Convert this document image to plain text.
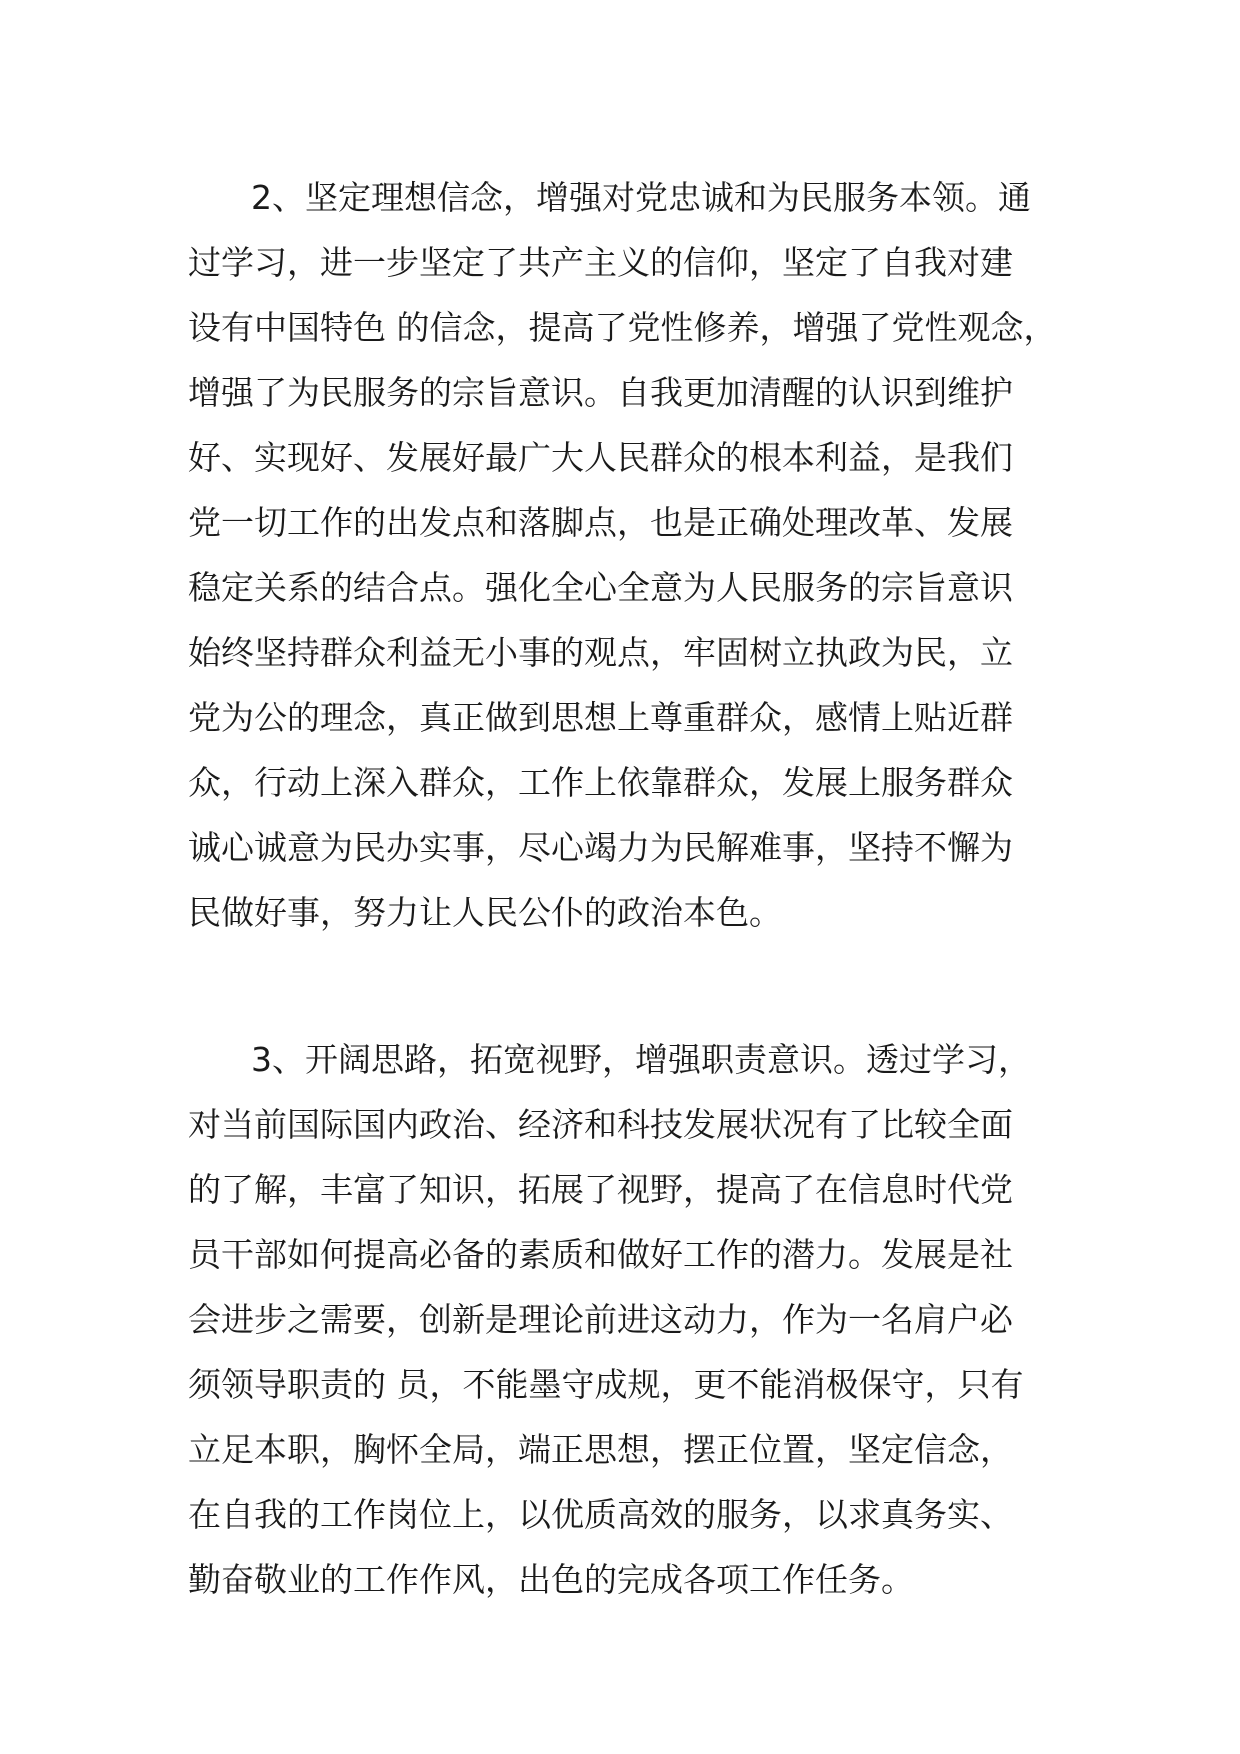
2、坚定理想信念，增强对党忠诚和为民服务本领。通
过学习，进一步坚定了共产主义的信仰，坚定了自我对建
设有中国特色 的信念，提高了党性修养，增强了党性观念，
增强了为民服务的宗旨意识。自我更加清醒的认识到维护
好、实现好、发展好最广大人民群众的根本利益，是我们
党一切工作的出发点和落脚点，也是正确处理改革、发展
稳定关系的结合点。强化全心全意为人民服务的宗旨意识
始终坚持群众利益无小事的观点，牢固树立执政为民，立
党为公的理念，真正做到思想上尊重群众，感情上贴近群
众，行动上深入群众，工作上依靠群众，发展上服务群众
诚心诚意为民办实事，尽心竭力为民解难事，坚持不懈为
民做好事，努力让人民公仆的政治本色。
3、开阔思路，拓宽视野，增强职责意识。透过学习，
对当前国际国内政治、经济和科技发展状况有了比较全面
的了解，丰富了知识，拓展了视野，提高了在信息时代党
员干部如何提高必备的素质和做好工作的潜力。发展是社
会进步之需要，创新是理论前进这动力，作为一名肩户必
须领导职责的 员，不能墨守成规，更不能消极保守，只有
立足本职，胸怀全局，端正思想，摆正位置，坚定信念，
在自我的工作岗位上，以优质高效的服务，以求真务实、
勤奋敬业的工作作风，出色的完成各项工作任务。
